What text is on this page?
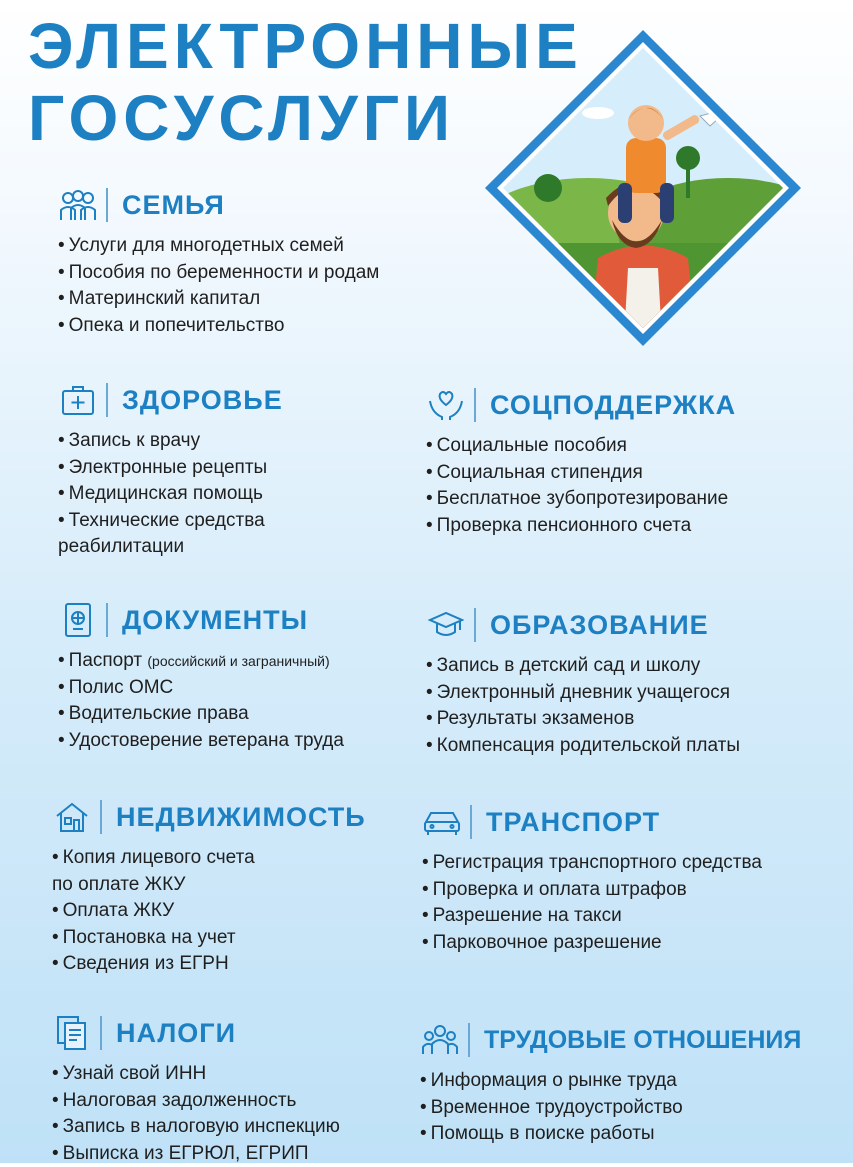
ЭЛЕКТРОННЫЕ
ГОСУСЛУГИ
СЕМЬЯ
• Услуги для многодетных семей
• Пособия по беременности и родам
• Материнский капитал
• Опека и попечительство
ЗДОРОВЬЕ
• Запись к врачу
• Электронные рецепты
• Медицинская помощь
• Технические средства
реабилитации
СОЦПОДДЕРЖКА
• Социальные пособия
• Социальная стипендия
• Бесплатное зубопротезирование
• Проверка пенсионного счета
ДОКУМЕНТЫ
• Паспорт (российский и заграничный)
• Полис ОМС
• Водительские права
• Удостоверение ветерана труда
ОБРАЗОВАНИЕ
• Запись в детский сад и школу
• Электронный дневник учащегося
• Результаты экзаменов
• Компенсация родительской платы
НЕДВИЖИМОСТЬ
• Копия лицевого счета
по оплате ЖКУ
• Оплата ЖКУ
• Постановка на учет
• Сведения из ЕГРН
ТРАНСПОРТ
• Регистрация транспортного средства
• Проверка и оплата штрафов
• Разрешение на такси
• Парковочное разрешение
НАЛОГИ
• Узнай свой ИНН
• Налоговая задолженность
• Запись в налоговую инспекцию
• Выписка из ЕГРЮЛ, ЕГРИП
ТРУДОВЫЕ ОТНОШЕНИЯ
• Информация о рынке труда
• Временное трудоустройство
• Помощь в поиске работы
